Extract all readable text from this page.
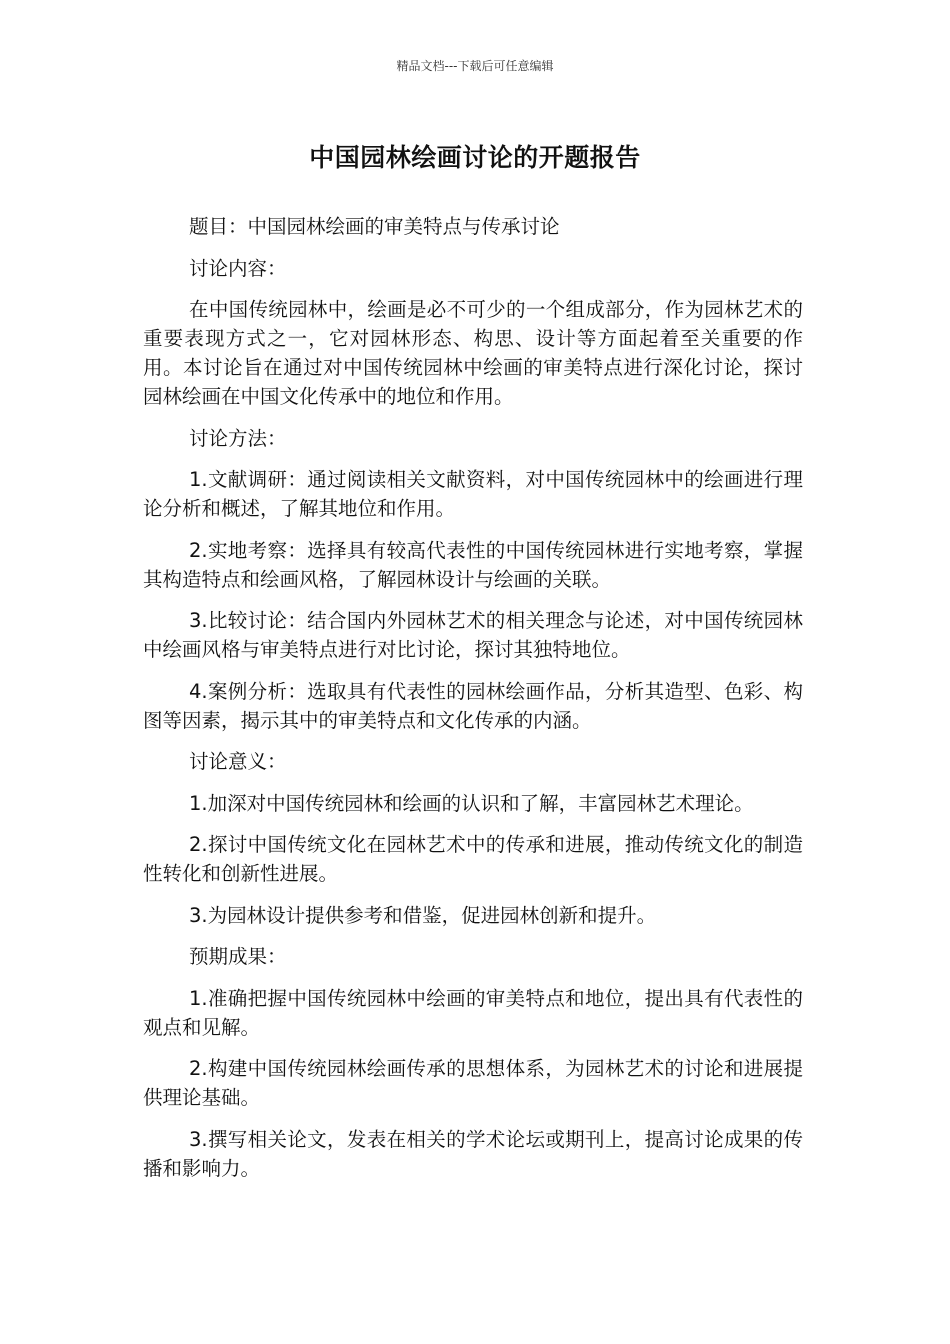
精品文档---下载后可任意编辑
中国园林绘画讨论的开题报告

题目：中国园林绘画的审美特点与传承讨论

讨论内容：

在中国传统园林中，绘画是必不可少的一个组成部分，作为园林艺术的重要表现方式之一，它对园林形态、构思、设计等方面起着至关重要的作用。本讨论旨在通过对中国传统园林中绘画的审美特点进行深化讨论，探讨园林绘画在中国文化传承中的地位和作用。

讨论方法：

1.文献调研：通过阅读相关文献资料，对中国传统园林中的绘画进行理论分析和概述，了解其地位和作用。

2.实地考察：选择具有较高代表性的中国传统园林进行实地考察，掌握其构造特点和绘画风格，了解园林设计与绘画的关联。

3.比较讨论：结合国内外园林艺术的相关理念与论述，对中国传统园林中绘画风格与审美特点进行对比讨论，探讨其独特地位。

4.案例分析：选取具有代表性的园林绘画作品，分析其造型、色彩、构图等因素，揭示其中的审美特点和文化传承的内涵。

讨论意义：

1.加深对中国传统园林和绘画的认识和了解，丰富园林艺术理论。

2.探讨中国传统文化在园林艺术中的传承和进展，推动传统文化的制造性转化和创新性进展。

3.为园林设计提供参考和借鉴，促进园林创新和提升。

预期成果：

1.准确把握中国传统园林中绘画的审美特点和地位，提出具有代表性的观点和见解。

2.构建中国传统园林绘画传承的思想体系，为园林艺术的讨论和进展提供理论基础。

3.撰写相关论文，发表在相关的学术论坛或期刊上，提高讨论成果的传播和影响力。
